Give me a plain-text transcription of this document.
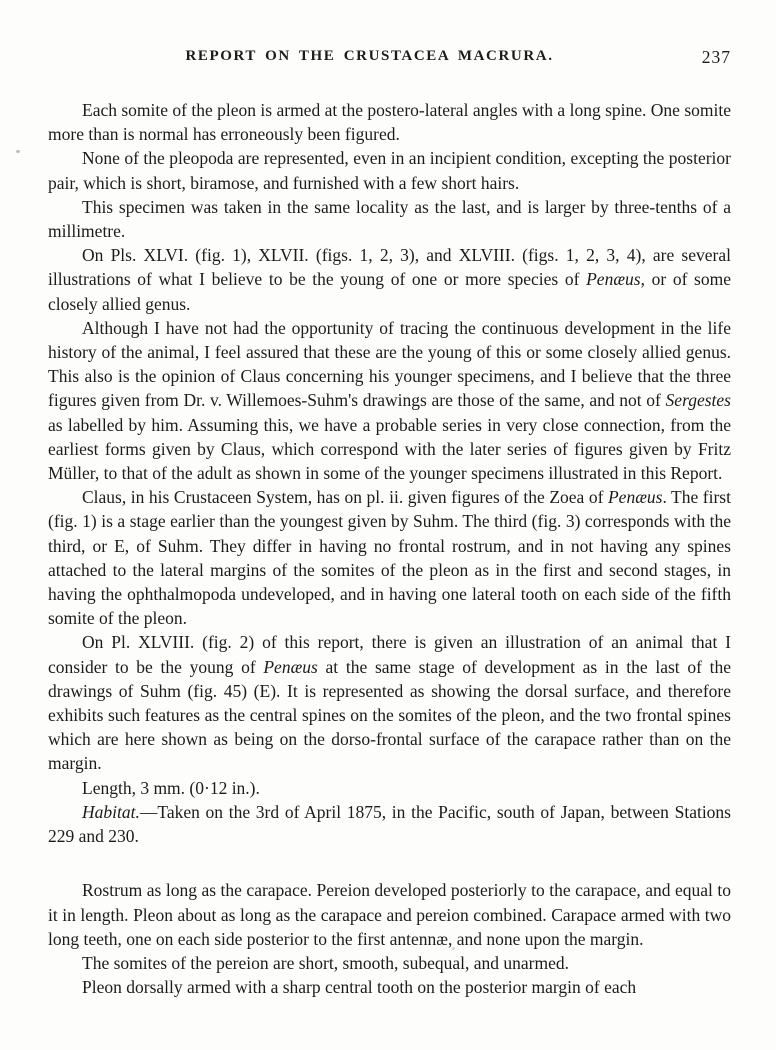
REPORT ON THE CRUSTACEA MACRURA.	237

Each somite of the pleon is armed at the postero-lateral angles with a long spine. One somite more than is normal has erroneously been figured.

None of the pleopoda are represented, even in an incipient condition, excepting the posterior pair, which is short, biramose, and furnished with a few short hairs.

This specimen was taken in the same locality as the last, and is larger by three-tenths of a millimetre.

On Pls. XLVI. (fig. 1), XLVII. (figs. 1, 2, 3), and XLVIII. (figs. 1, 2, 3, 4), are several illustrations of what I believe to be the young of one or more species of Penæus, or of some closely allied genus.

Although I have not had the opportunity of tracing the continuous development in the life history of the animal, I feel assured that these are the young of this or some closely allied genus. This also is the opinion of Claus concerning his younger specimens, and I believe that the three figures given from Dr. v. Willemoes-Suhm's drawings are those of the same, and not of Sergestes as labelled by him. Assuming this, we have a probable series in very close connection, from the earliest forms given by Claus, which correspond with the later series of figures given by Fritz Müller, to that of the adult as shown in some of the younger specimens illustrated in this Report.

Claus, in his Crustaceen System, has on pl. ii. given figures of the Zoea of Penæus. The first (fig. 1) is a stage earlier than the youngest given by Suhm. The third (fig. 3) corresponds with the third, or E, of Suhm. They differ in having no frontal rostrum, and in not having any spines attached to the lateral margins of the somites of the pleon as in the first and second stages, in having the ophthalmopoda undeveloped, and in having one lateral tooth on each side of the fifth somite of the pleon.

On Pl. XLVIII. (fig. 2) of this report, there is given an illustration of an animal that I consider to be the young of Penæus at the same stage of development as in the last of the drawings of Suhm (fig. 45) (E). It is represented as showing the dorsal surface, and therefore exhibits such features as the central spines on the somites of the pleon, and the two frontal spines which are here shown as being on the dorso-frontal surface of the carapace rather than on the margin.

Length, 3 mm. (0·12 in.).

Habitat.—Taken on the 3rd of April 1875, in the Pacific, south of Japan, between Stations 229 and 230.

Rostrum as long as the carapace. Pereion developed posteriorly to the carapace, and equal to it in length. Pleon about as long as the carapace and pereion combined. Carapace armed with two long teeth, one on each side posterior to the first antennæ, and none upon the margin.

The somites of the pereion are short, smooth, subequal, and unarmed.

Pleon dorsally armed with a sharp central tooth on the posterior margin of each
